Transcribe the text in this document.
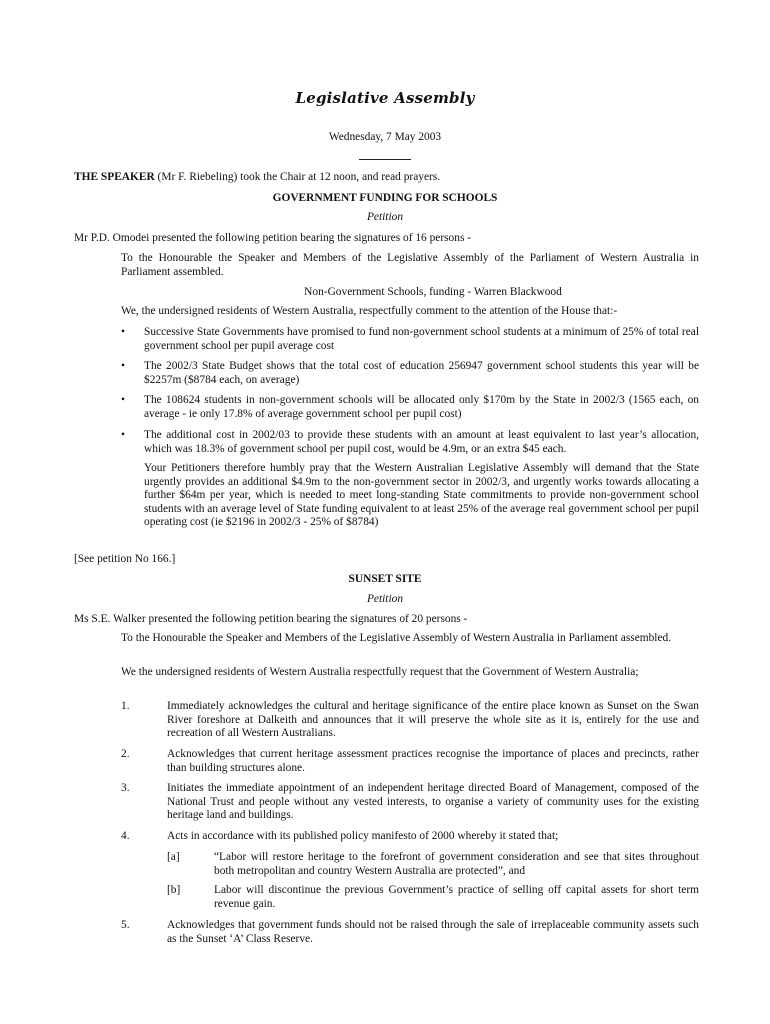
Legislative Assembly
Wednesday, 7 May 2003
THE SPEAKER (Mr F. Riebeling) took the Chair at 12 noon, and read prayers.
GOVERNMENT FUNDING FOR SCHOOLS
Petition
Mr P.D. Omodei presented the following petition bearing the signatures of 16 persons -
To the Honourable the Speaker and Members of the Legislative Assembly of the Parliament of Western Australia in Parliament assembled.
Non-Government Schools, funding - Warren Blackwood
We, the undersigned residents of Western Australia, respectfully comment to the attention of the House that:-
• Successive State Governments have promised to fund non-government school students at a minimum of 25% of total real government school per pupil average cost
• The 2002/3 State Budget shows that the total cost of education 256947 government school students this year will be $2257m ($8784 each, on average)
• The 108624 students in non-government schools will be allocated only $170m by the State in 2002/3 (1565 each, on average - ie only 17.8% of average government school per pupil cost)
• The additional cost in 2002/03 to provide these students with an amount at least equivalent to last year’s allocation, which was 18.3% of government school per pupil cost, would be 4.9m, or an extra $45 each.
Your Petitioners therefore humbly pray that the Western Australian Legislative Assembly will demand that the State urgently provides an additional $4.9m to the non-government sector in 2002/3, and urgently works towards allocating a further $64m per year, which is needed to meet long-standing State commitments to provide non-government school students with an average level of State funding equivalent to at least 25% of the average real government school per pupil operating cost (ie $2196 in 2002/3 - 25% of $8784)
[See petition No 166.]
SUNSET SITE
Petition
Ms S.E. Walker presented the following petition bearing the signatures of 20 persons -
To the Honourable the Speaker and Members of the Legislative Assembly of Western Australia in Parliament assembled.
We the undersigned residents of Western Australia respectfully request that the Government of Western Australia;
1.	Immediately acknowledges the cultural and heritage significance of the entire place known as Sunset on the Swan River foreshore at Dalkeith and announces that it will preserve the whole site as it is, entirely for the use and recreation of all Western Australians.
2.	Acknowledges that current heritage assessment practices recognise the importance of places and precincts, rather than building structures alone.
3.	Initiates the immediate appointment of an independent heritage directed Board of Management, composed of the National Trust and people without any vested interests, to organise a variety of community uses for the existing heritage land and buildings.
4.	Acts in accordance with its published policy manifesto of 2000 whereby it stated that;
[a]	“Labor will restore heritage to the forefront of government consideration and see that sites throughout both metropolitan and country Western Australia are protected”, and
[b]	Labor will discontinue the previous Government’s practice of selling off capital assets for short term revenue gain.
5.	Acknowledges that government funds should not be raised through the sale of irreplaceable community assets such as the Sunset ‘A’ Class Reserve.
